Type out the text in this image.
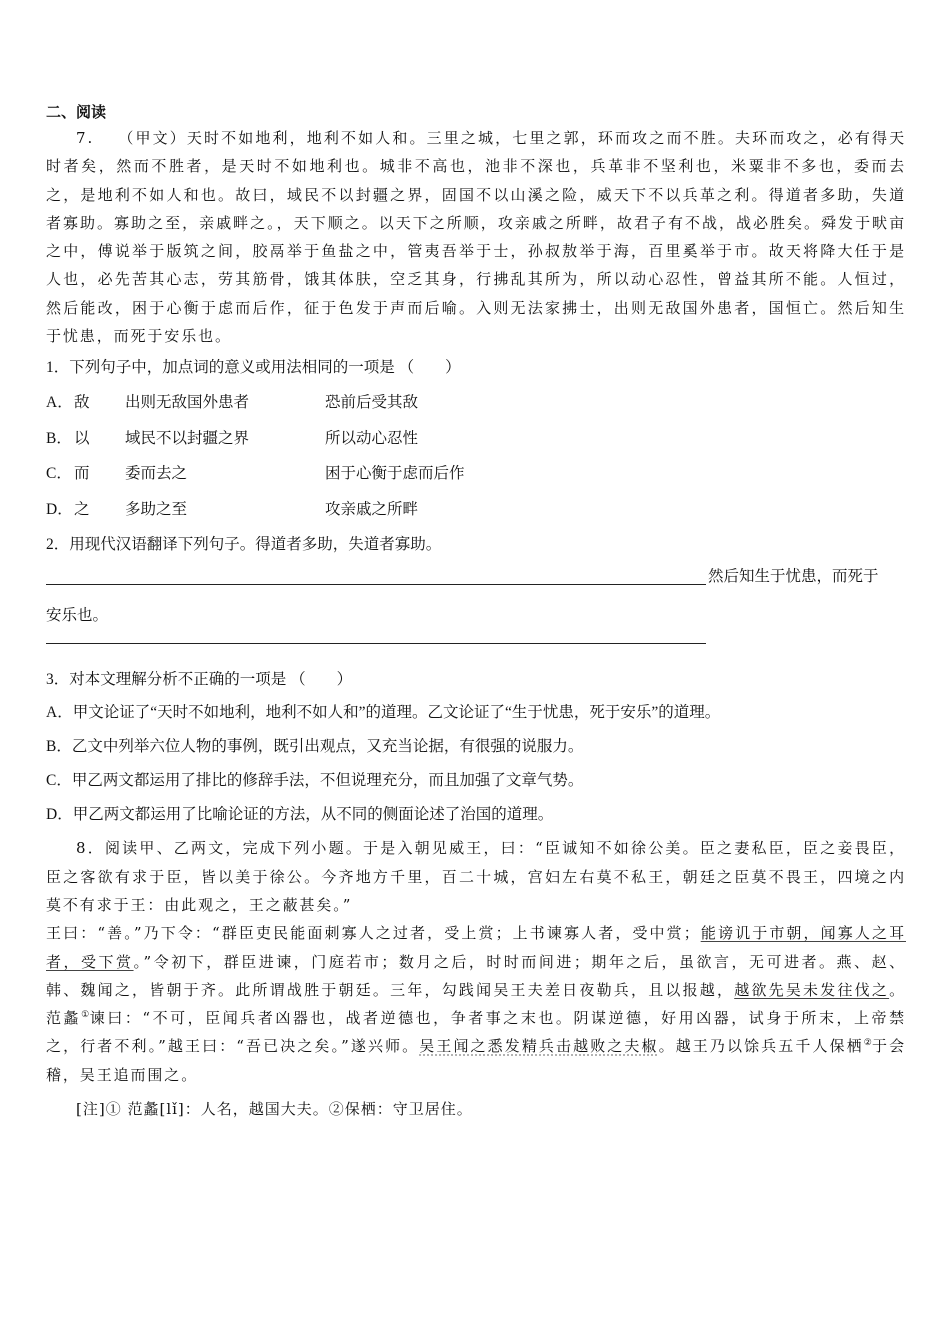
二、阅读

7. （甲文）天时不如地利，地利不如人和。三里之城，七里之郭，环而攻之而不胜。夫环而攻之，必有得天时者矣，然而不胜者，是天时不如地利也。城非不高也，池非不深也，兵革非不坚利也，米粟非不多也，委而去之，是地利不如人和也。故曰，域民不以封疆之界，固国不以山溪之险，威天下不以兵革之利。得道者多助，失道者寡助。寡助之至，亲戚畔之。，天下顺之。以天下之所顺，攻亲戚之所畔，故君子有不战，战必胜矣。舜发于畎亩之中，傅说举于版筑之间，胶鬲举于鱼盐之中，管夷吾举于士，孙叔敖举于海，百里奚举于市。故天将降大任于是人也，必先苦其心志，劳其筋骨，饿其体肤，空乏其身，行拂乱其所为，所以动心忍性，曾益其所不能。人恒过，然后能改，困于心衡于虑而后作，征于色发于声而后喻。入则无法家拂士，出则无敌国外患者，国恒亡。然后知生于忧患，而死于安乐也。

1．下列句子中，加点词的意义或用法相同的一项是 （　　）
A． 敌 出则无敌国外患者	恐前后受其敌
B． 以 域民不以封疆之界	所以动心忍性
C． 而 委而去之	困于心衡于虑而后作
D． 之 多助之至	攻亲戚之所畔
2．用现代汉语翻译下列句子。得道者多助，失道者寡助。
然后知生于忧患，而死于
安乐也。
3．对本文理解分析不正确的一项是 （　　）
A．甲文论证了“天时不如地利，地利不如人和”的道理。乙文论证了“生于忧患，死于安乐”的道理。
B．乙文中列举六位人物的事例，既引出观点，又充当论据，有很强的说服力。
C．甲乙两文都运用了排比的修辞手法，不但说理充分，而且加强了文章气势。
D．甲乙两文都运用了比喻论证的方法，从不同的侧面论述了治国的道理。

8．阅读甲、乙两文，完成下列小题。于是入朝见威王，曰：“臣诚知不如徐公美。臣之妻私臣，臣之妾畏臣，臣之客欲有求于臣，皆以美于徐公。今齐地方千里，百二十城，宫妇左右莫不私王，朝廷之臣莫不畏王，四境之内莫不有求于王：由此观之，王之蔽甚矣。”

王曰：“善。”乃下令：“群臣吏民能面刺寡人之过者，受上赏；上书谏寡人者，受中赏；能谤讥于市朝，闻寡人之耳者，受下赏。”令初下，群臣进谏，门庭若市；数月之后，时时而间进；期年之后，虽欲言，无可进者。燕、赵、韩、魏闻之，皆朝于齐。此所谓战胜于朝廷。三年，勾践闻吴王夫差日夜勒兵，且以报越，越欲先吴未发往伐之。范蠡①谏曰：“不可，臣闻兵者凶器也，战者逆德也，争者事之末也。阴谋逆德，好用凶器，试身于所末，上帝禁之，行者不利。”越王曰：“吾已决之矣。”遂兴师。吴王闻之悉发精兵击越败之夫椒。越王乃以馀兵五千人保栖②于会稽，吴王追而围之。

[注]① 范蠡[lǐ]：人名，越国大夫。②保栖：守卫居住。
